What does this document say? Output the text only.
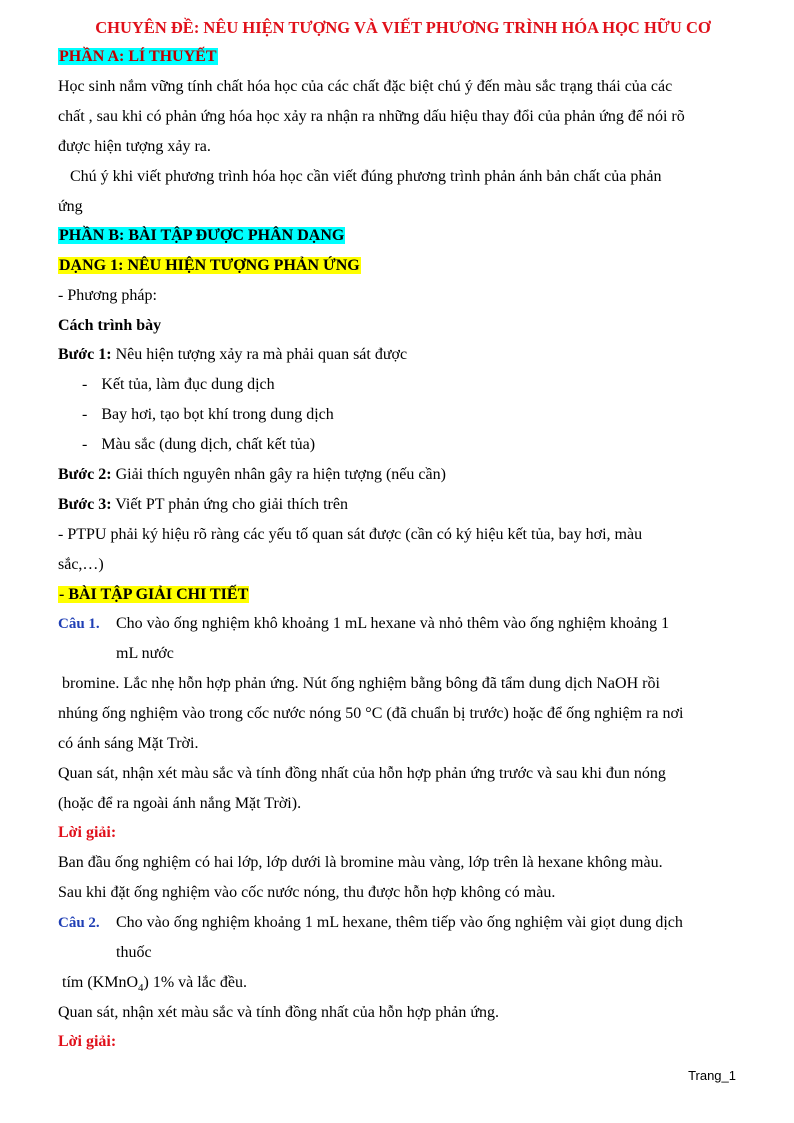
CHUYÊN ĐỀ: NÊU HIỆN TƯỢNG VÀ VIẾT PHƯƠNG TRÌNH HÓA HỌC HỮU CƠ
PHẦN A: LÍ THUYẾT
Học sinh nắm vững tính chất hóa học của các chất đặc biệt chú ý đến màu sắc trạng thái của các
chất , sau khi có phản ứng hóa học xảy ra nhận ra những dấu hiệu thay đổi của phản ứng để nói rõ
được hiện tượng xảy ra.
Chú ý khi viết phương trình hóa học cần viết đúng phương trình phản ánh bản chất của phản
ứng
PHẦN B: BÀI TẬP ĐƯỢC PHÂN DẠNG
DẠNG 1: NÊU HIỆN TƯỢNG PHẢN ỨNG
- Phương pháp:
Cách trình bày
Bước 1: Nêu hiện tượng xảy ra mà phải quan sát được
- Kết tủa, làm đục dung dịch
- Bay hơi, tạo bọt khí trong dung dịch
- Màu sắc (dung dịch, chất kết tủa)
Bước 2: Giải thích nguyên nhân gây ra hiện tượng (nếu cần)
Bước 3: Viết PT phản ứng cho giải thích trên
- PTPU phải ký hiệu rõ ràng các yếu tố quan sát được (cần có ký hiệu kết tủa, bay hơi, màu
sắc,…)
- BÀI TẬP GIẢI CHI TIẾT
Câu 1. Cho vào ống nghiệm khô khoảng 1 mL hexane và nhỏ thêm vào ống nghiệm khoảng 1
mL nước
bromine. Lắc nhẹ hỗn hợp phản ứng. Nút ống nghiệm bằng bông đã tẩm dung dịch NaOH rồi
nhúng ống nghiệm vào trong cốc nước nóng 50 °C (đã chuẩn bị trước) hoặc để ống nghiệm ra nơi
có ánh sáng Mặt Trời.
Quan sát, nhận xét màu sắc và tính đồng nhất của hỗn hợp phản ứng trước và sau khi đun nóng
(hoặc để ra ngoài ánh nắng Mặt Trời).
Lời giải:
Ban đầu ống nghiệm có hai lớp, lớp dưới là bromine màu vàng, lớp trên là hexane không màu.
Sau khi đặt ống nghiệm vào cốc nước nóng, thu được hỗn hợp không có màu.
Câu 2. Cho vào ống nghiệm khoảng 1 mL hexane, thêm tiếp vào ống nghiệm vài giọt dung dịch
thuốc
tím (KMnO$_4$) 1% và lắc đều.
Quan sát, nhận xét màu sắc và tính đồng nhất của hỗn hợp phản ứng.
Lời giải:
Trang_1
